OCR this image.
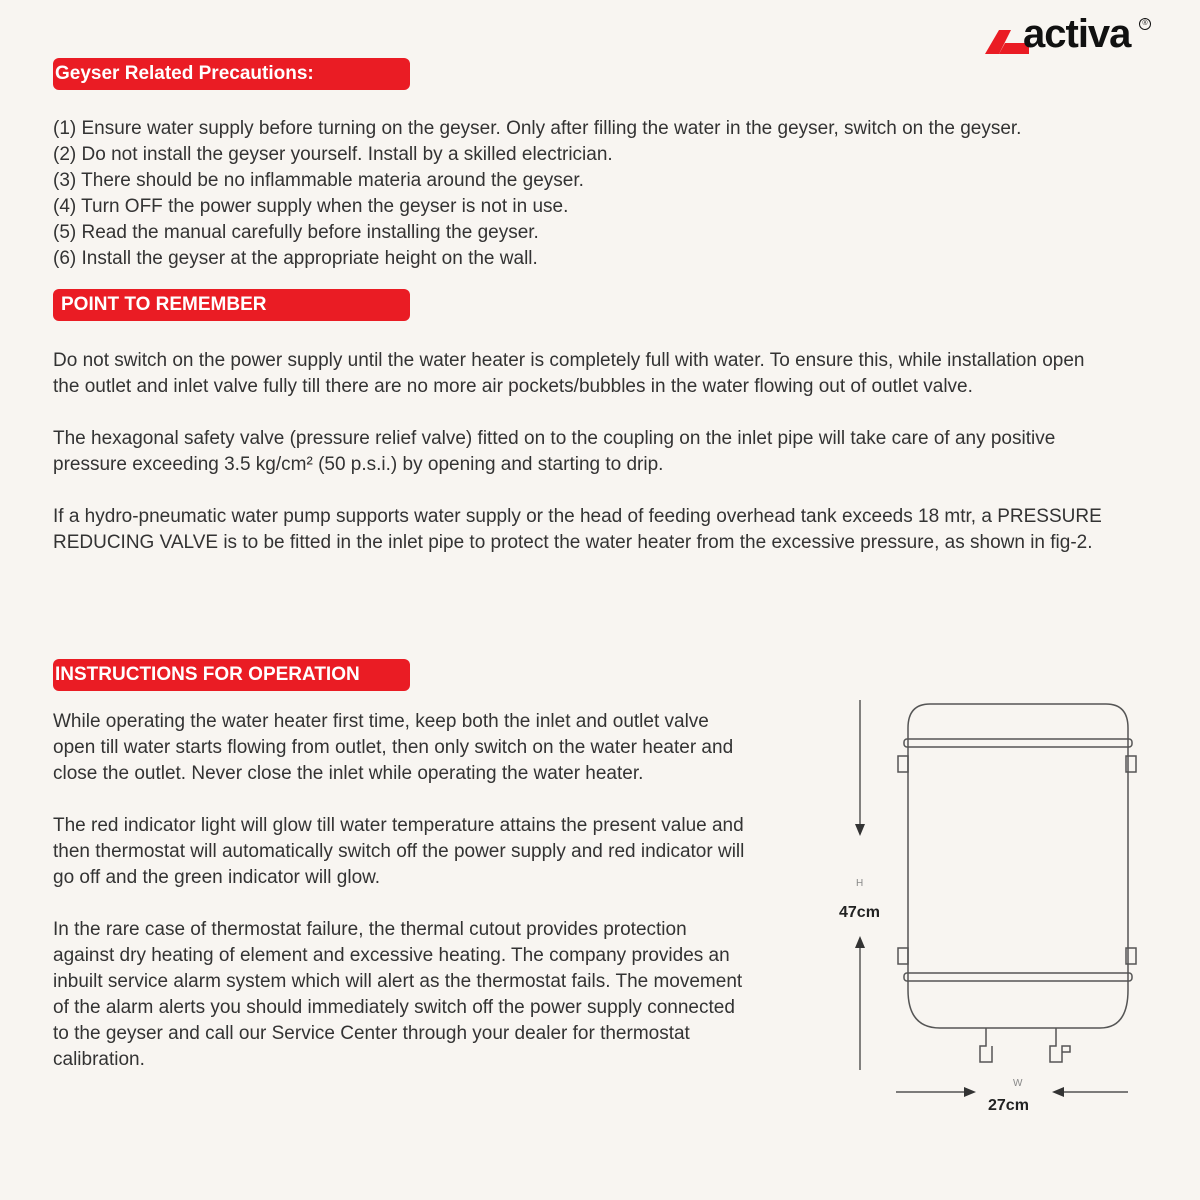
activa	®
Geyser Related Precautions:
(1) Ensure water supply before turning on the geyser. Only after filling the water in the geyser, switch on the geyser.
(2) Do not install the geyser yourself. Install by a skilled electrician.
(3) There should be no inflammable materia around the geyser.
(4) Turn OFF the power supply when the geyser is not in use.
(5) Read the manual carefully before installing the geyser.
(6) Install the geyser at the appropriate height on the wall.
POINT TO REMEMBER

Do not switch on the power supply until the water heater is completely full with water. To ensure this, while installation open the outlet and inlet valve fully till there are no more air pockets/bubbles in the water flowing out of outlet valve.

The hexagonal safety valve (pressure relief valve) fitted on to the coupling on the inlet pipe will take care of any positive pressure exceeding 3.5 kg/cm² (50 p.s.i.) by opening and starting to drip.

If a hydro-pneumatic water pump supports water supply or the head of feeding overhead tank exceeds 18 mtr, a PRESSURE REDUCING VALVE is to be fitted in the inlet pipe to protect the water heater from the excessive pressure, as shown in fig-2.

INSTRUCTIONS FOR OPERATION

While operating the water heater first time, keep both the inlet and outlet valve open till water starts flowing from outlet, then only switch on the water heater and close the outlet. Never close the inlet while operating the water heater.

The red indicator light will glow till water temperature attains the present value and then thermostat will automatically switch off the power supply and red indicator will go off and the green indicator will glow.

In the rare case of thermostat failure, the thermal cutout provides protection against dry heating of element and excessive heating. The company provides an inbuilt service alarm system which will alert as the thermostat fails. The movement of the alarm alerts you should immediately switch off the power supply connected to the geyser and call our Service Center through your dealer for thermostat calibration.

H
47cm
W
27cm
